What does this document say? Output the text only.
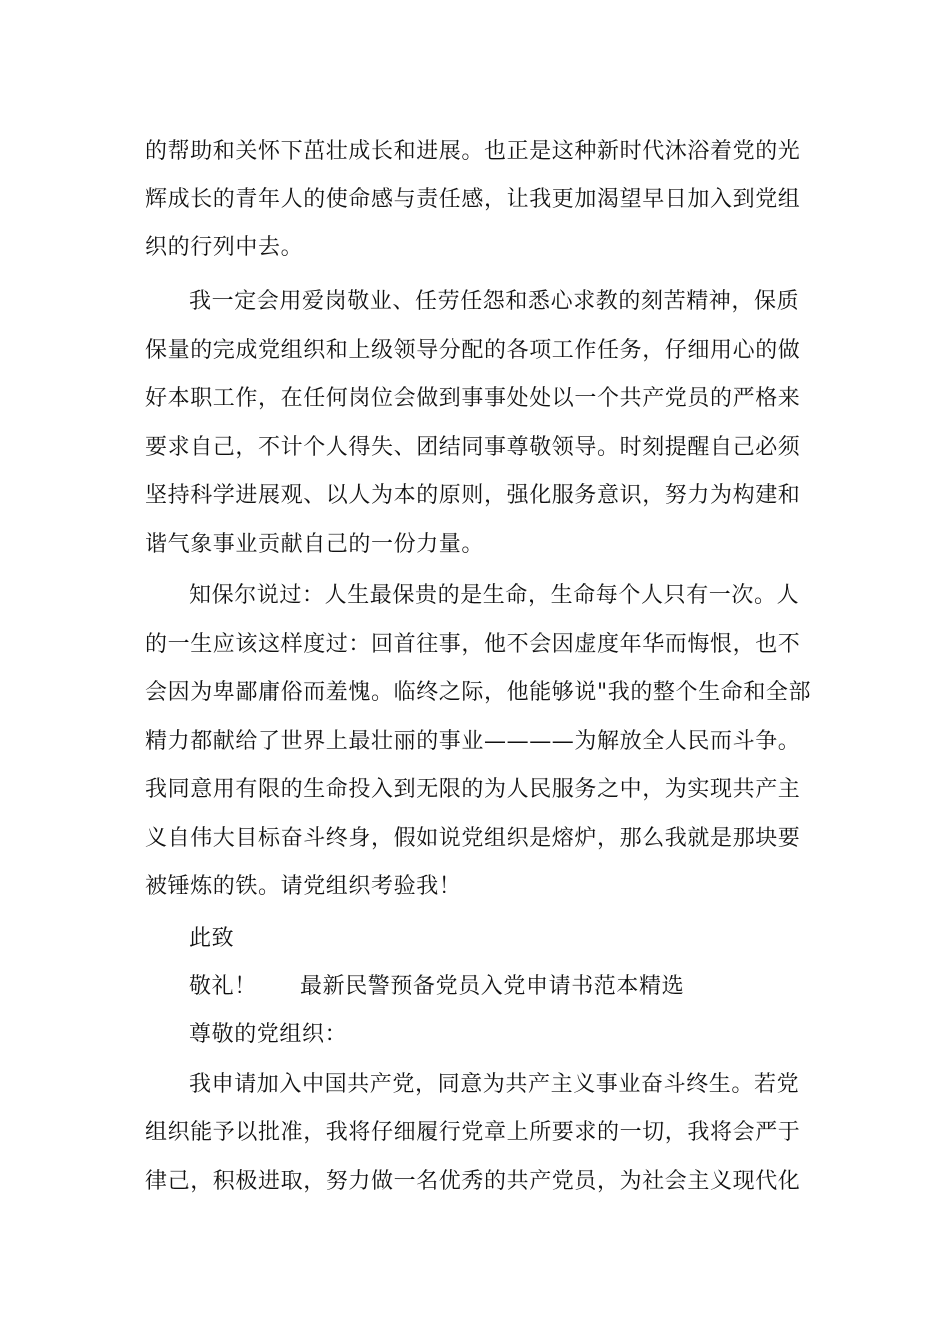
的帮助和关怀下茁壮成长和进展。也正是这种新时代沐浴着党的光
辉成长的青年人的使命感与责任感，让我更加渴望早日加入到党组
织的行列中去。
我一定会用爱岗敬业、任劳任怨和悉心求教的刻苦精神，保质
保量的完成党组织和上级领导分配的各项工作任务，仔细用心的做
好本职工作，在任何岗位会做到事事处处以一个共产党员的严格来
要求自己，不计个人得失、团结同事尊敬领导。时刻提醒自己必须
坚持科学进展观、以人为本的原则，强化服务意识，努力为构建和
谐气象事业贡献自己的一份力量。
知保尔说过：人生最保贵的是生命，生命每个人只有一次。人
的一生应该这样度过：回首往事，他不会因虚度年华而悔恨，也不
会因为卑鄙庸俗而羞愧。临终之际，他能够说"我的整个生命和全部
精力都献给了世界上最壮丽的事业————为解放全人民而斗争。
我同意用有限的生命投入到无限的为人民服务之中，为实现共产主
义自伟大目标奋斗终身，假如说党组织是熔炉，那么我就是那块要
被锤炼的铁。请党组织考验我！
此致
敬礼！ 最新民警预备党员入党申请书范本精选
尊敬的党组织：
我申请加入中国共产党，同意为共产主义事业奋斗终生。若党
组织能予以批准，我将仔细履行党章上所要求的一切，我将会严于
律己，积极进取，努力做一名优秀的共产党员，为社会主义现代化
